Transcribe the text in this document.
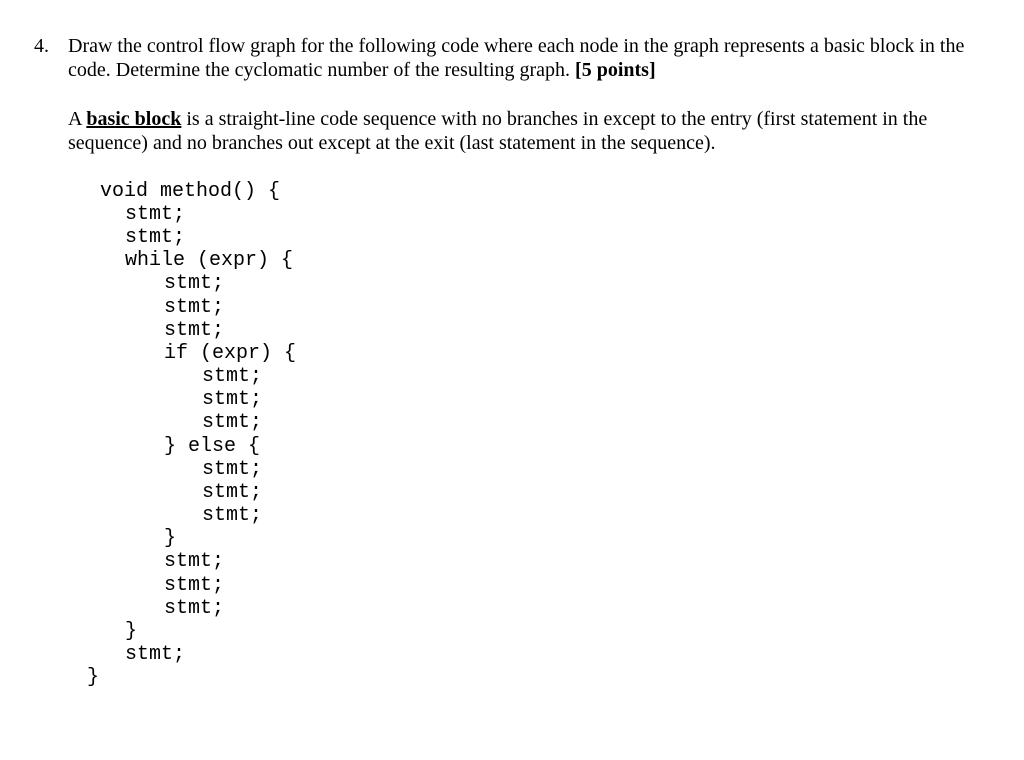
4. Draw the control flow graph for the following code where each node in the graph represents a basic block in the code. Determine the cyclomatic number of the resulting graph. [5 points]
A basic block is a straight-line code sequence with no branches in except to the entry (first statement in the sequence) and no branches out except at the exit (last statement in the sequence).

void method() {

stmt;

stmt;

while (expr) {

stmt;

stmt;

stmt;

if (expr) {

stmt;

stmt;

stmt;

} else {

stmt;

stmt;

stmt;

}

stmt;

stmt;

stmt;

}

stmt;

}
